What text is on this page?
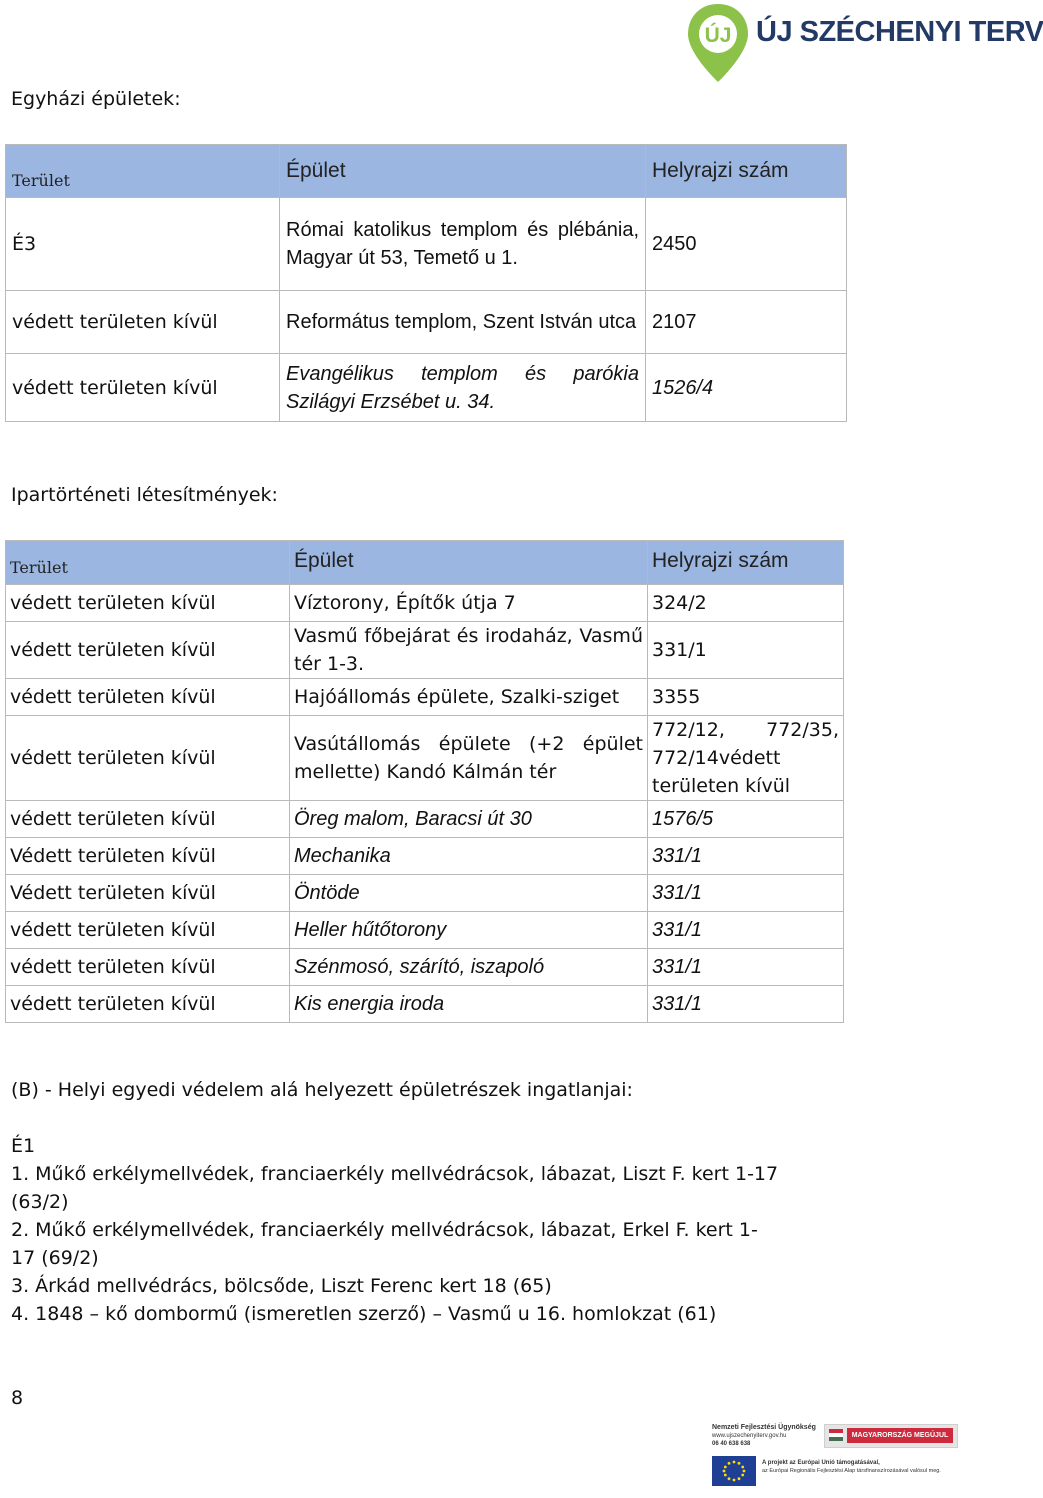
ÚJ ÚJ SZÉCHENYI TERV
Egyházi épületek:
Terület	Épület	Helyrajzi szám
É3	Római katolikus templom és plébánia, Magyar út 53, Temető u 1.	2450
védett területen kívül	Református templom, Szent István utca	2107
védett területen kívül	Evangélikus templom és parókia Szilágyi Erzsébet u. 34.	1526/4
Ipartörténeti létesítmények:
Terület	Épület	Helyrajzi szám
védett területen kívül	Víztorony, Építők útja 7	324/2
védett területen kívül	Vasmű főbejárat és irodaház, Vasmű tér 1-3.	331/1
védett területen kívül	Hajóállomás épülete, Szalki-sziget	3355
védett területen kívül	Vasútállomás épülete (+2 épület mellette) Kandó Kálmán tér	772/12, 772/35, 772/14védett területen kívül
védett területen kívül	Öreg malom, Baracsi út 30	1576/5
Védett területen kívül	Mechanika	331/1
Védett területen kívül	Öntöde	331/1
védett területen kívül	Heller hűtőtorony	331/1
védett területen kívül	Szénmosó, szárító, iszapoló	331/1
védett területen kívül	Kis energia iroda	331/1
(B) - Helyi egyedi védelem alá helyezett épületrészek ingatlanjai:
É1
1. Műkő erkélymellvédek, franciaerkély mellvédrácsok, lábazat, Liszt F. kert 1-17
(63/2)
2. Műkő erkélymellvédek, franciaerkély mellvédrácsok, lábazat, Erkel F. kert 1-
17 (69/2)
3. Árkád mellvédrács, bölcsőde, Liszt Ferenc kert 18 (65)
4. 1848 – kő dombormű (ismeretlen szerző) – Vasmű u 16. homlokzat (61)
8
Nemzeti Fejlesztési Ügynökség
www.ujszechenyiterv.gov.hu
06 40 638 638
MAGYARORSZÁG MEGÚJUL
A projekt az Európai Unió támogatásával,
az Európai Regionális Fejlesztési Alap társfinanszírozásával valósul meg.
